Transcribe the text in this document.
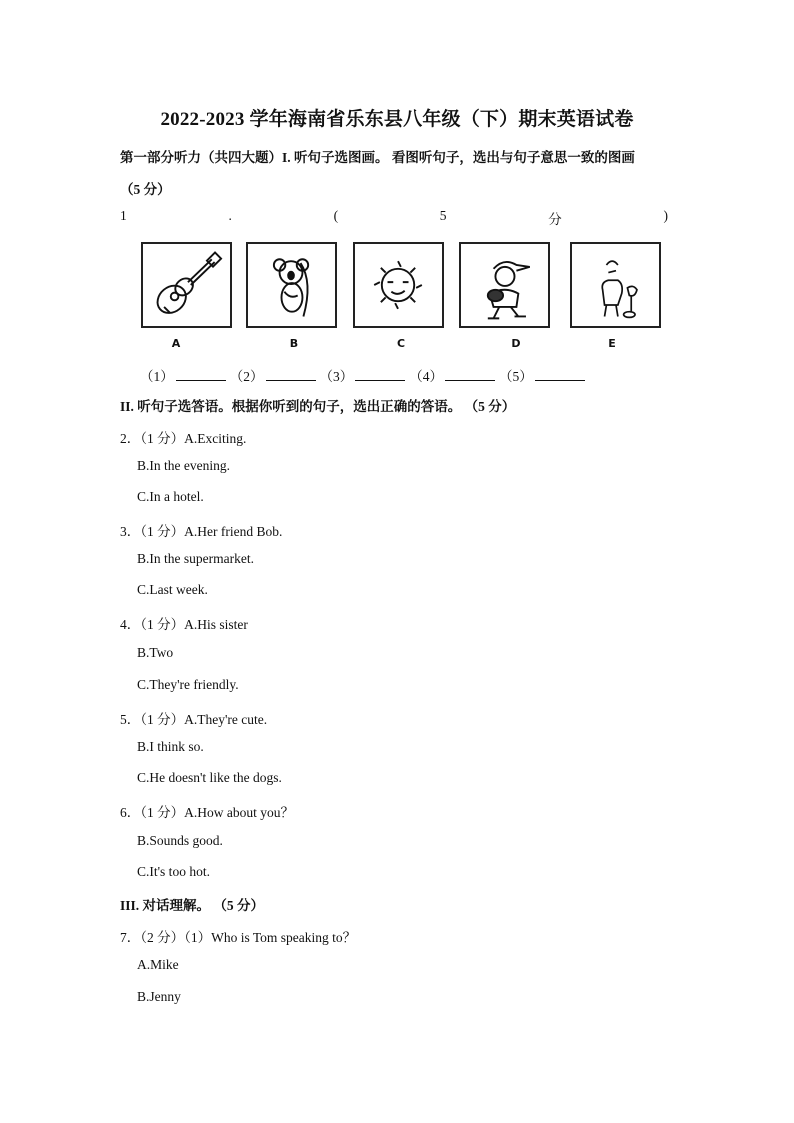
2022-2023 学年海南省乐东县八年级（下）期末英语试卷
第一部分听力（共四大题）I. 听句子选图画。 看图听句子，选出与句子意思一致的图画
（5 分）
1	.	(	5	分	)
A	B	C	D	E
（1）	（2）	（3）	（4）	（5）
II. 听句子选答语。根据你听到的句子，选出正确的答语。 （5 分）
2．（1 分）A.Exciting.
B.In the evening.
C.In a hotel.
3．（1 分）A.Her friend Bob.
B.In the supermarket.
C.Last week.
4．（1 分）A.His sister
B.Two
C.They're friendly.
5．（1 分）A.They're cute.
B.I think so.
C.He doesn't like the dogs.
6．（1 分）A.How about you？
B.Sounds good.
C.It's too hot.
III. 对话理解。 （5 分）
7．（2 分）（1）Who is Tom speaking to？
A.Mike
B.Jenny
